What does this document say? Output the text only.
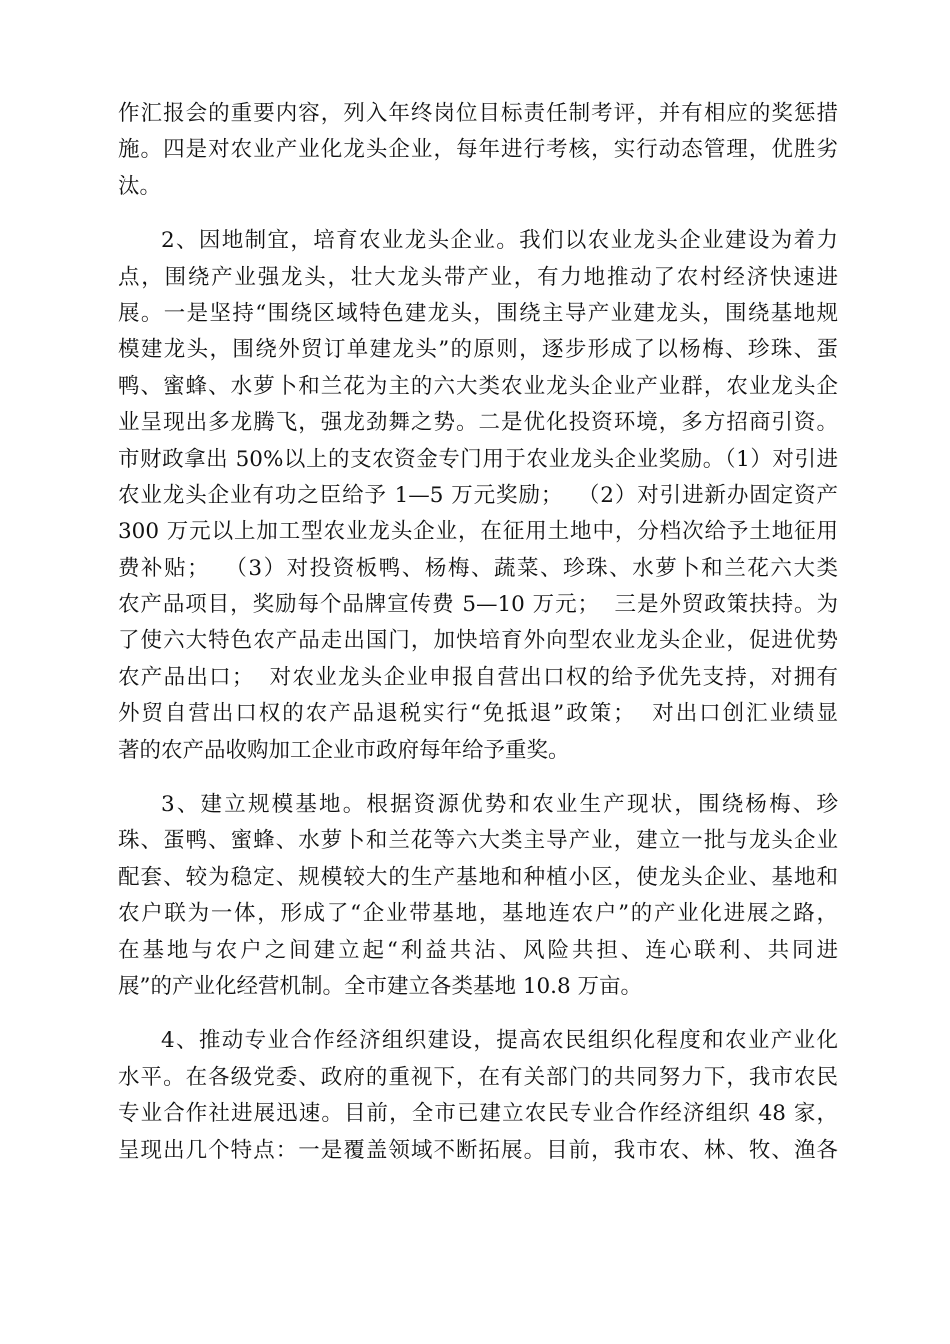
作汇报会的重要内容，列入年终岗位目标责任制考评，并有相应的奖惩措
施。四是对农业产业化龙头企业，每年进行考核，实行动态管理，优胜劣
汰。
2、因地制宜，培育农业龙头企业。我们以农业龙头企业建设为着力
点，围绕产业强龙头，壮大龙头带产业，有力地推动了农村经济快速进
展。一是坚持“围绕区域特色建龙头，围绕主导产业建龙头，围绕基地规
模建龙头，围绕外贸订单建龙头”的原则，逐步形成了以杨梅、珍珠、蛋
鸭、蜜蜂、水萝卜和兰花为主的六大类农业龙头企业产业群，农业龙头企
业呈现出多龙腾飞，强龙劲舞之势。二是优化投资环境，多方招商引资。
市财政拿出 50%以上的支农资金专门用于农业龙头企业奖励。（1）对引进
农业龙头企业有功之臣给予 1—5 万元奖励；  （2）对引进新办固定资产
300 万元以上加工型农业龙头企业，在征用土地中，分档次给予土地征用
费补贴；  （3）对投资板鸭、杨梅、蔬菜、珍珠、水萝卜和兰花六大类
农产品项目，奖励每个品牌宣传费 5—10 万元；  三是外贸政策扶持。为
了使六大特色农产品走出国门，加快培育外向型农业龙头企业，促进优势
农产品出口；  对农业龙头企业申报自营出口权的给予优先支持，对拥有
外贸自营出口权的农产品退税实行“免抵退”政策；  对出口创汇业绩显
著的农产品收购加工企业市政府每年给予重奖。
3、建立规模基地。根据资源优势和农业生产现状，围绕杨梅、珍
珠、蛋鸭、蜜蜂、水萝卜和兰花等六大类主导产业，建立一批与龙头企业
配套、较为稳定、规模较大的生产基地和种植小区，使龙头企业、基地和
农户联为一体，形成了“企业带基地，基地连农户”的产业化进展之路，
在基地与农户之间建立起“利益共沾、风险共担、连心联利、共同进
展”的产业化经营机制。全市建立各类基地 10.8 万亩。
4、推动专业合作经济组织建设，提高农民组织化程度和农业产业化
水平。在各级党委、政府的重视下，在有关部门的共同努力下，我市农民
专业合作社进展迅速。目前，全市已建立农民专业合作经济组织 48 家，
呈现出几个特点：一是覆盖领域不断拓展。目前，我市农、林、牧、渔各
